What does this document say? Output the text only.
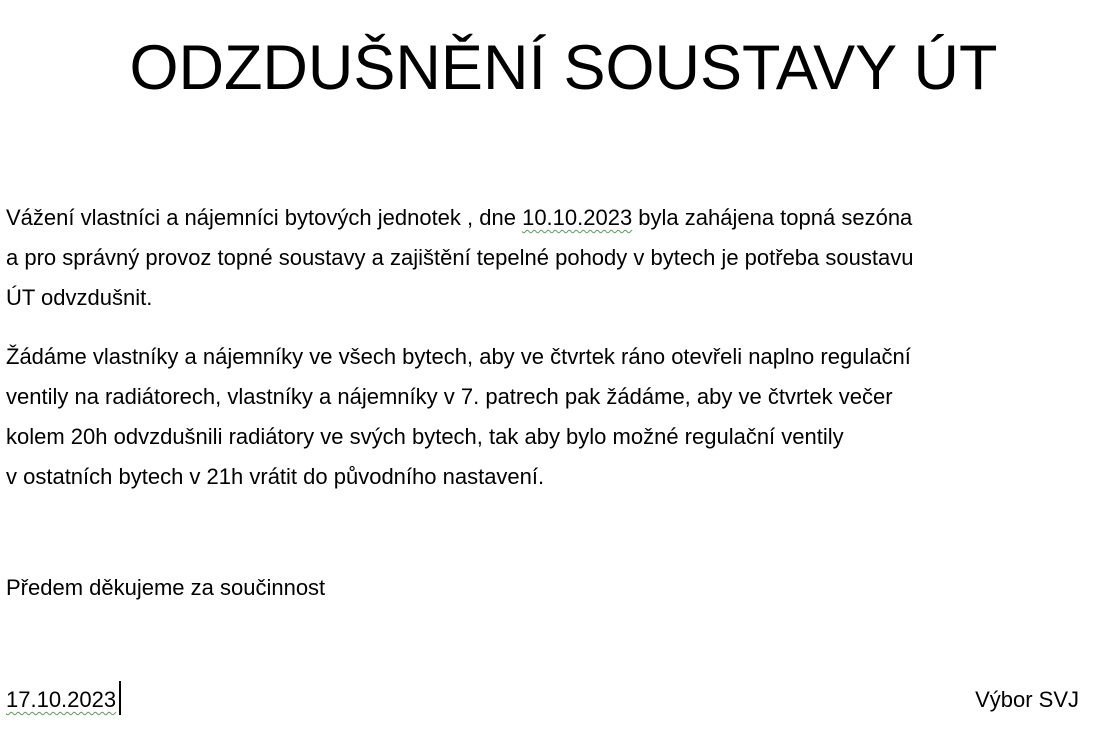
ODZDUŠNĚNÍ SOUSTAVY ÚT

Vážení vlastníci a nájemníci bytových jednotek , dne 10.10.2023 byla zahájena topná sezóna
a pro správný provoz topné soustavy a zajištění tepelné pohody v bytech je potřeba soustavu
ÚT odvzdušnit.

Žádáme vlastníky a nájemníky ve všech bytech, aby ve čtvrtek ráno otevřeli naplno regulační
ventily na radiátorech, vlastníky a nájemníky v 7. patrech pak žádáme, aby ve čtvrtek večer
kolem 20h odvzdušnili radiátory ve svých bytech, tak aby bylo možné regulační ventily
v ostatních bytech v 21h vrátit do původního nastavení.

Předem děkujeme za součinnost

17.10.2023	Výbor SVJ
